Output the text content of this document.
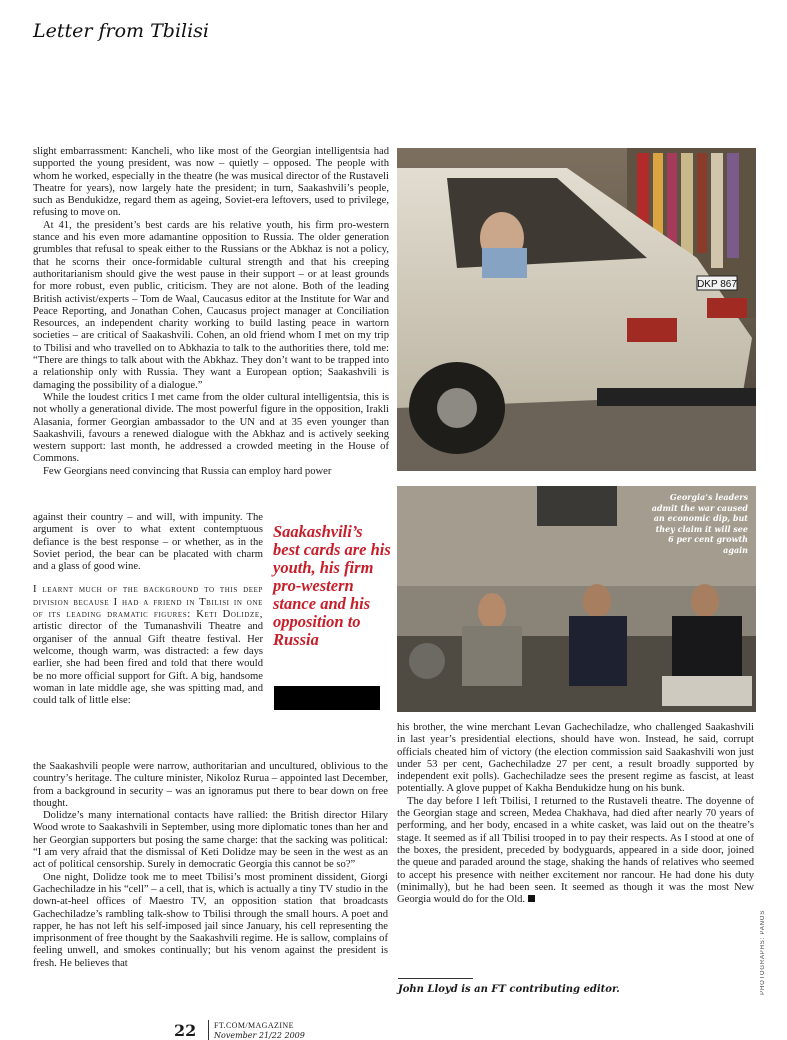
Letter from Tbilisi

slight embarrassment: Kancheli, who like most of the Georgian intelligentsia had supported the young president, was now – quietly – opposed. The people with whom he worked, especially in the theatre (he was musical director of the Rustaveli Theatre for years), now largely hate the president; in turn, Saakashvili’s people, such as Bendukidze, regard them as ageing, Soviet-era leftovers, used to privilege, refusing to move on.

At 41, the president’s best cards are his relative youth, his firm pro-western stance and his even more adamantine opposition to Russia. The older generation grumbles that refusal to speak either to the Russians or the Abkhaz is not a policy, that he scorns their once-formidable cultural strength and that his creeping authoritarianism should give the west pause in their support – or at least grounds for more robust, even public, criticism. They are not alone. Both of the leading British activist/experts – Tom de Waal, Caucasus editor at the Institute for War and Peace Reporting, and Jonathan Cohen, Caucasus project manager at Conciliation Resources, an independent charity working to build lasting peace in wartorn societies – are critical of Saakashvili. Cohen, an old friend whom I met on my trip to Tbilisi and who travelled on to Abkhazia to talk to the authorities there, told me: “There are things to talk about with the Abkhaz. They don’t want to be trapped into a relationship only with Russia. They want a European option; Saakashvili is damaging the possibility of a dialogue.”

While the loudest critics I met came from the older cultural intelligentsia, this is not wholly a generational divide. The most powerful figure in the opposition, Irakli Alasania, former Georgian ambassador to the UN and at 35 even younger than Saakashvili, favours a renewed dialogue with the Abkhaz and is actively seeking western support: last month, he addressed a crowded meeting in the House of Commons.

Few Georgians need convincing that Russia can employ hard power

against their country – and will, with impunity. The argument is over to what extent contemptuous defiance is the best response – or whether, as in the Soviet period, the bear can be placated with charm and a glass of good wine.

I learnt much of the background to this deep division because I had a friend in Tbilisi in one of its leading dramatic figures: Keti Dolidze, artistic director of the Tumanashvili Theatre and organiser of the annual Gift theatre festival. Her welcome, though warm, was distracted: a few days earlier, she had been fired and told that there would be no more official support for Gift. A big, handsome woman in late middle age, she was spitting mad, and could talk of little else:

the Saakashvili people were narrow, authoritarian and uncultured, oblivious to the country’s heritage. The culture minister, Nikoloz Rurua – appointed last December, from a background in security – was an ignoramus put there to bear down on free thought.

Dolidze’s many international contacts have rallied: the British director Hilary Wood wrote to Saakashvili in September, using more diplomatic tones than her and her Georgian supporters but posing the same charge: that the sacking was political: “I am very afraid that the dismissal of Keti Dolidze may be seen in the west as an act of political censorship. Surely in democratic Georgia this cannot be so?”

One night, Dolidze took me to meet Tbilisi’s most prominent dissident, Giorgi Gachechiladze in his “cell” – a cell, that is, which is actually a tiny TV studio in the down-at-heel offices of Maestro TV, an opposition station that broadcasts Gachechiladze’s rambling talk-show to Tbilisi through the small hours. A poet and rapper, he has not left his self-imposed jail since January, his cell representing the imprisonment of free thought by the Saakashvili regime. He is sallow, complains of feeling unwell, and smokes continually; but his venom against the president is fresh. He believes that

Saakashvili’s best cards are his youth, his firm pro-western stance and his opposition to Russia
DKP 867
Georgia’s leaders admit the war caused an economic dip, but they claim it will see 6 per cent growth again

his brother, the wine merchant Levan Gachechiladze, who challenged Saakashvili in last year’s presidential elections, should have won. Instead, he said, corrupt officials cheated him of victory (the election commission said Saakashvili won just under 53 per cent, Gachechiladze 27 per cent, a result broadly supported by independent exit polls). Gachechiladze sees the present regime as fascist, at least potentially. A glove puppet of Kakha Bendukidze hung on his bunk.

The day before I left Tbilisi, I returned to the Rustaveli theatre. The doyenne of the Georgian stage and screen, Medea Chakhava, had died after nearly 70 years of performing, and her body, encased in a white casket, was laid out on the theatre’s stage. It seemed as if all Tbilisi trooped in to pay their respects. As I stood at one of the boxes, the president, preceded by bodyguards, appeared in a side door, joined the queue and paraded around the stage, shaking the hands of relatives who seemed to accept his presence with neither excitement nor rancour. He had done his duty (minimally), but he had been seen. It seemed as though it was the most New Georgia would do for the Old.

PHOTOGRAPHS: PANOS
John Lloyd is an FT contributing editor.
22 FT.COM/MAGAZINE
November 21/22 2009
